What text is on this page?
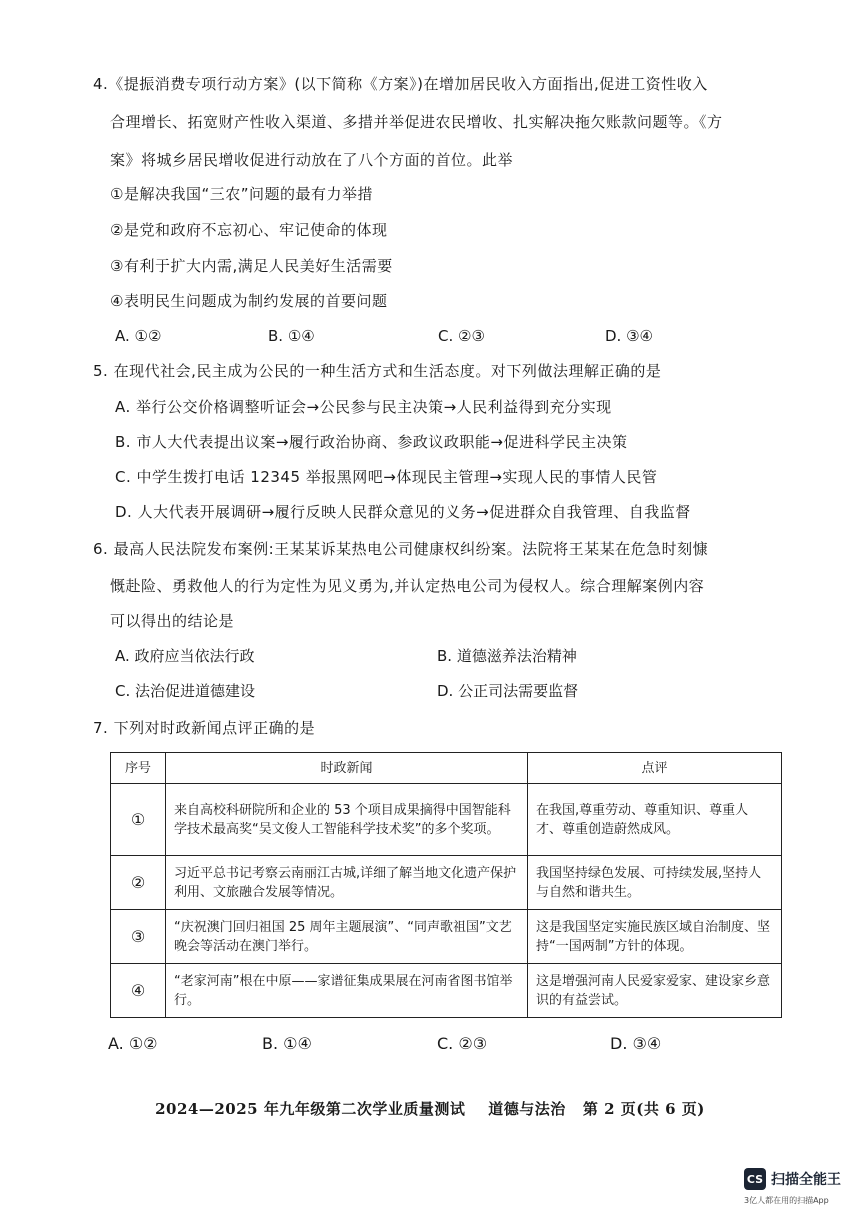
4.《提振消费专项行动方案》(以下简称《方案》)在增加居民收入方面指出,促进工资性收入
合理增长、拓宽财产性收入渠道、多措并举促进农民增收、扎实解决拖欠账款问题等。《方
案》将城乡居民增收促进行动放在了八个方面的首位。此举
①是解决我国“三农”问题的最有力举措
②是党和政府不忘初心、牢记使命的体现
③有利于扩大内需,满足人民美好生活需要
④表明民生问题成为制约发展的首要问题
A. ①②	B. ①④	C. ②③	D. ③④
5. 在现代社会,民主成为公民的一种生活方式和生活态度。对下列做法理解正确的是
A. 举行公交价格调整听证会→公民参与民主决策→人民利益得到充分实现
B. 市人大代表提出议案→履行政治协商、参政议政职能→促进科学民主决策
C. 中学生拨打电话 12345 举报黑网吧→体现民主管理→实现人民的事情人民管
D. 人大代表开展调研→履行反映人民群众意见的义务→促进群众自我管理、自我监督
6. 最高人民法院发布案例:王某某诉某热电公司健康权纠纷案。法院将王某某在危急时刻慷
慨赴险、勇救他人的行为定性为见义勇为,并认定热电公司为侵权人。综合理解案例内容
可以得出的结论是
A. 政府应当依法行政	B. 道德滋养法治精神
C. 法治促进道德建设	D. 公正司法需要监督
7. 下列对时政新闻点评正确的是
序号	时政新闻	点评
①	来自高校科研院所和企业的 53 个项目成果摘得中国智能科学技术最高奖“吴文俊人工智能科学技术奖”的多个奖项。	在我国,尊重劳动、尊重知识、尊重人才、尊重创造蔚然成风。
②	习近平总书记考察云南丽江古城,详细了解当地文化遗产保护利用、文旅融合发展等情况。	我国坚持绿色发展、可持续发展,坚持人与自然和谐共生。
③	“庆祝澳门回归祖国 25 周年主题展演”、“同声歌祖国”文艺晚会等活动在澳门举行。	这是我国坚定实施民族区域自治制度、坚持“一国两制”方针的体现。
④	“老家河南”根在中原——家谱征集成果展在河南省图书馆举行。	这是增强河南人民爱家爱家、建设家乡意识的有益尝试。
A. ①②	B. ①④	C. ②③	D. ③④
2024—2025 年九年级第二次学业质量测试    道德与法治   第 2 页(共 6 页)
CS 扫描全能王
3亿人都在用的扫描App
